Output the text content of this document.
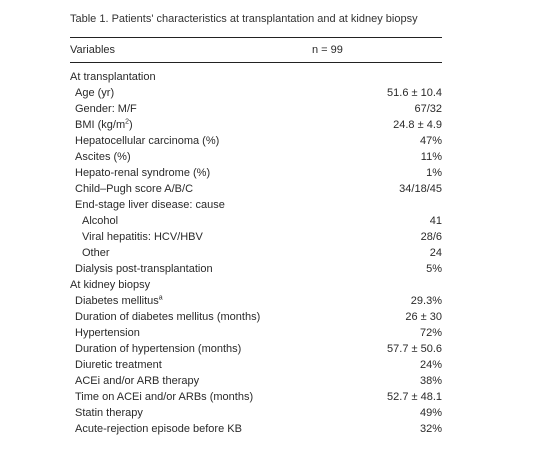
Table 1. Patients' characteristics at transplantation and at kidney biopsy

Variables	n = 99
At transplantation
Age (yr)	51.6 ± 10.4
Gender: M/F	67/32
BMI $(kg/m^2)$	24.8 ± 4.9
Hepatocellular carcinoma (%)	47%
Ascites (%)	11%
Hepato-renal syndrome (%)	1%
Child–Pugh score A/B/C	34/18/45
End-stage liver disease: cause
Alcohol	41
Viral hepatitis: HCV/HBV	28/6
Other	24
Dialysis post-transplantation	5%
At kidney biopsy
Diabetes mellitus$^a$	29.3%
Duration of diabetes mellitus (months)	26 ± 30
Hypertension	72%
Duration of hypertension (months)	57.7 ± 50.6
Diuretic treatment	24%
ACEi and/or ARB therapy	38%
Time on ACEi and/or ARBs (months)	52.7 ± 48.1
Statin therapy	49%
Acute-rejection episode before KB	32%
